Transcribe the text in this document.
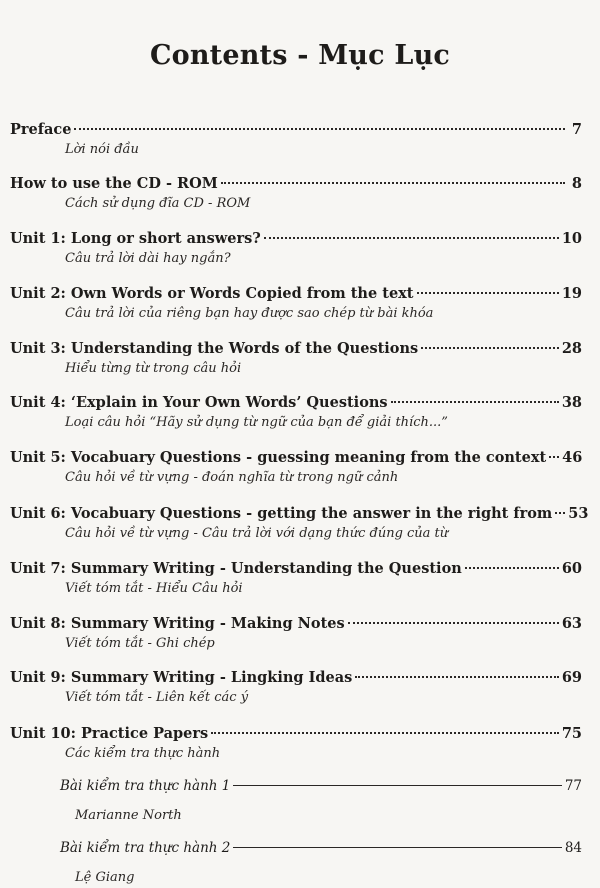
Contents - Mục Lục
Preface	7
Lời nói đầu
How to use the CD - ROM	8
Cách sử dụng đĩa CD - ROM
Unit 1: Long or short answers?	10
Câu trả lời dài hay ngắn?
Unit 2: Own Words or Words Copied from the text	19
Câu trả lời của riêng bạn hay được sao chép từ bài khóa
Unit 3: Understanding the Words of the Questions	28
Hiểu từng từ trong câu hỏi
Unit 4: ‘Explain in Your Own Words’ Questions	38
Loại câu hỏi “Hãy sử dụng từ ngữ của bạn để giải thích...”
Unit 5: Vocabuary Questions - guessing meaning from the context 46
Câu hỏi về từ vựng - đoán nghĩa từ trong ngữ cảnh
Unit 6: Vocabuary Questions - getting the answer in the right from 53
Câu hỏi về từ vựng - Câu trả lời với dạng thức đúng của từ
Unit 7: Summary Writing - Understanding the Question	60
Viết tóm tắt - Hiểu Câu hỏi
Unit 8: Summary Writing - Making Notes	63
Viết tóm tắt - Ghi chép
Unit 9: Summary Writing - Lingking Ideas	69
Viết tóm tắt - Liên kết các ý
Unit 10: Practice Papers	75
Các kiểm tra thực hành
Bài kiểm tra thực hành 1	77
Marianne North
Bài kiểm tra thực hành 2	84
Lệ Giang
